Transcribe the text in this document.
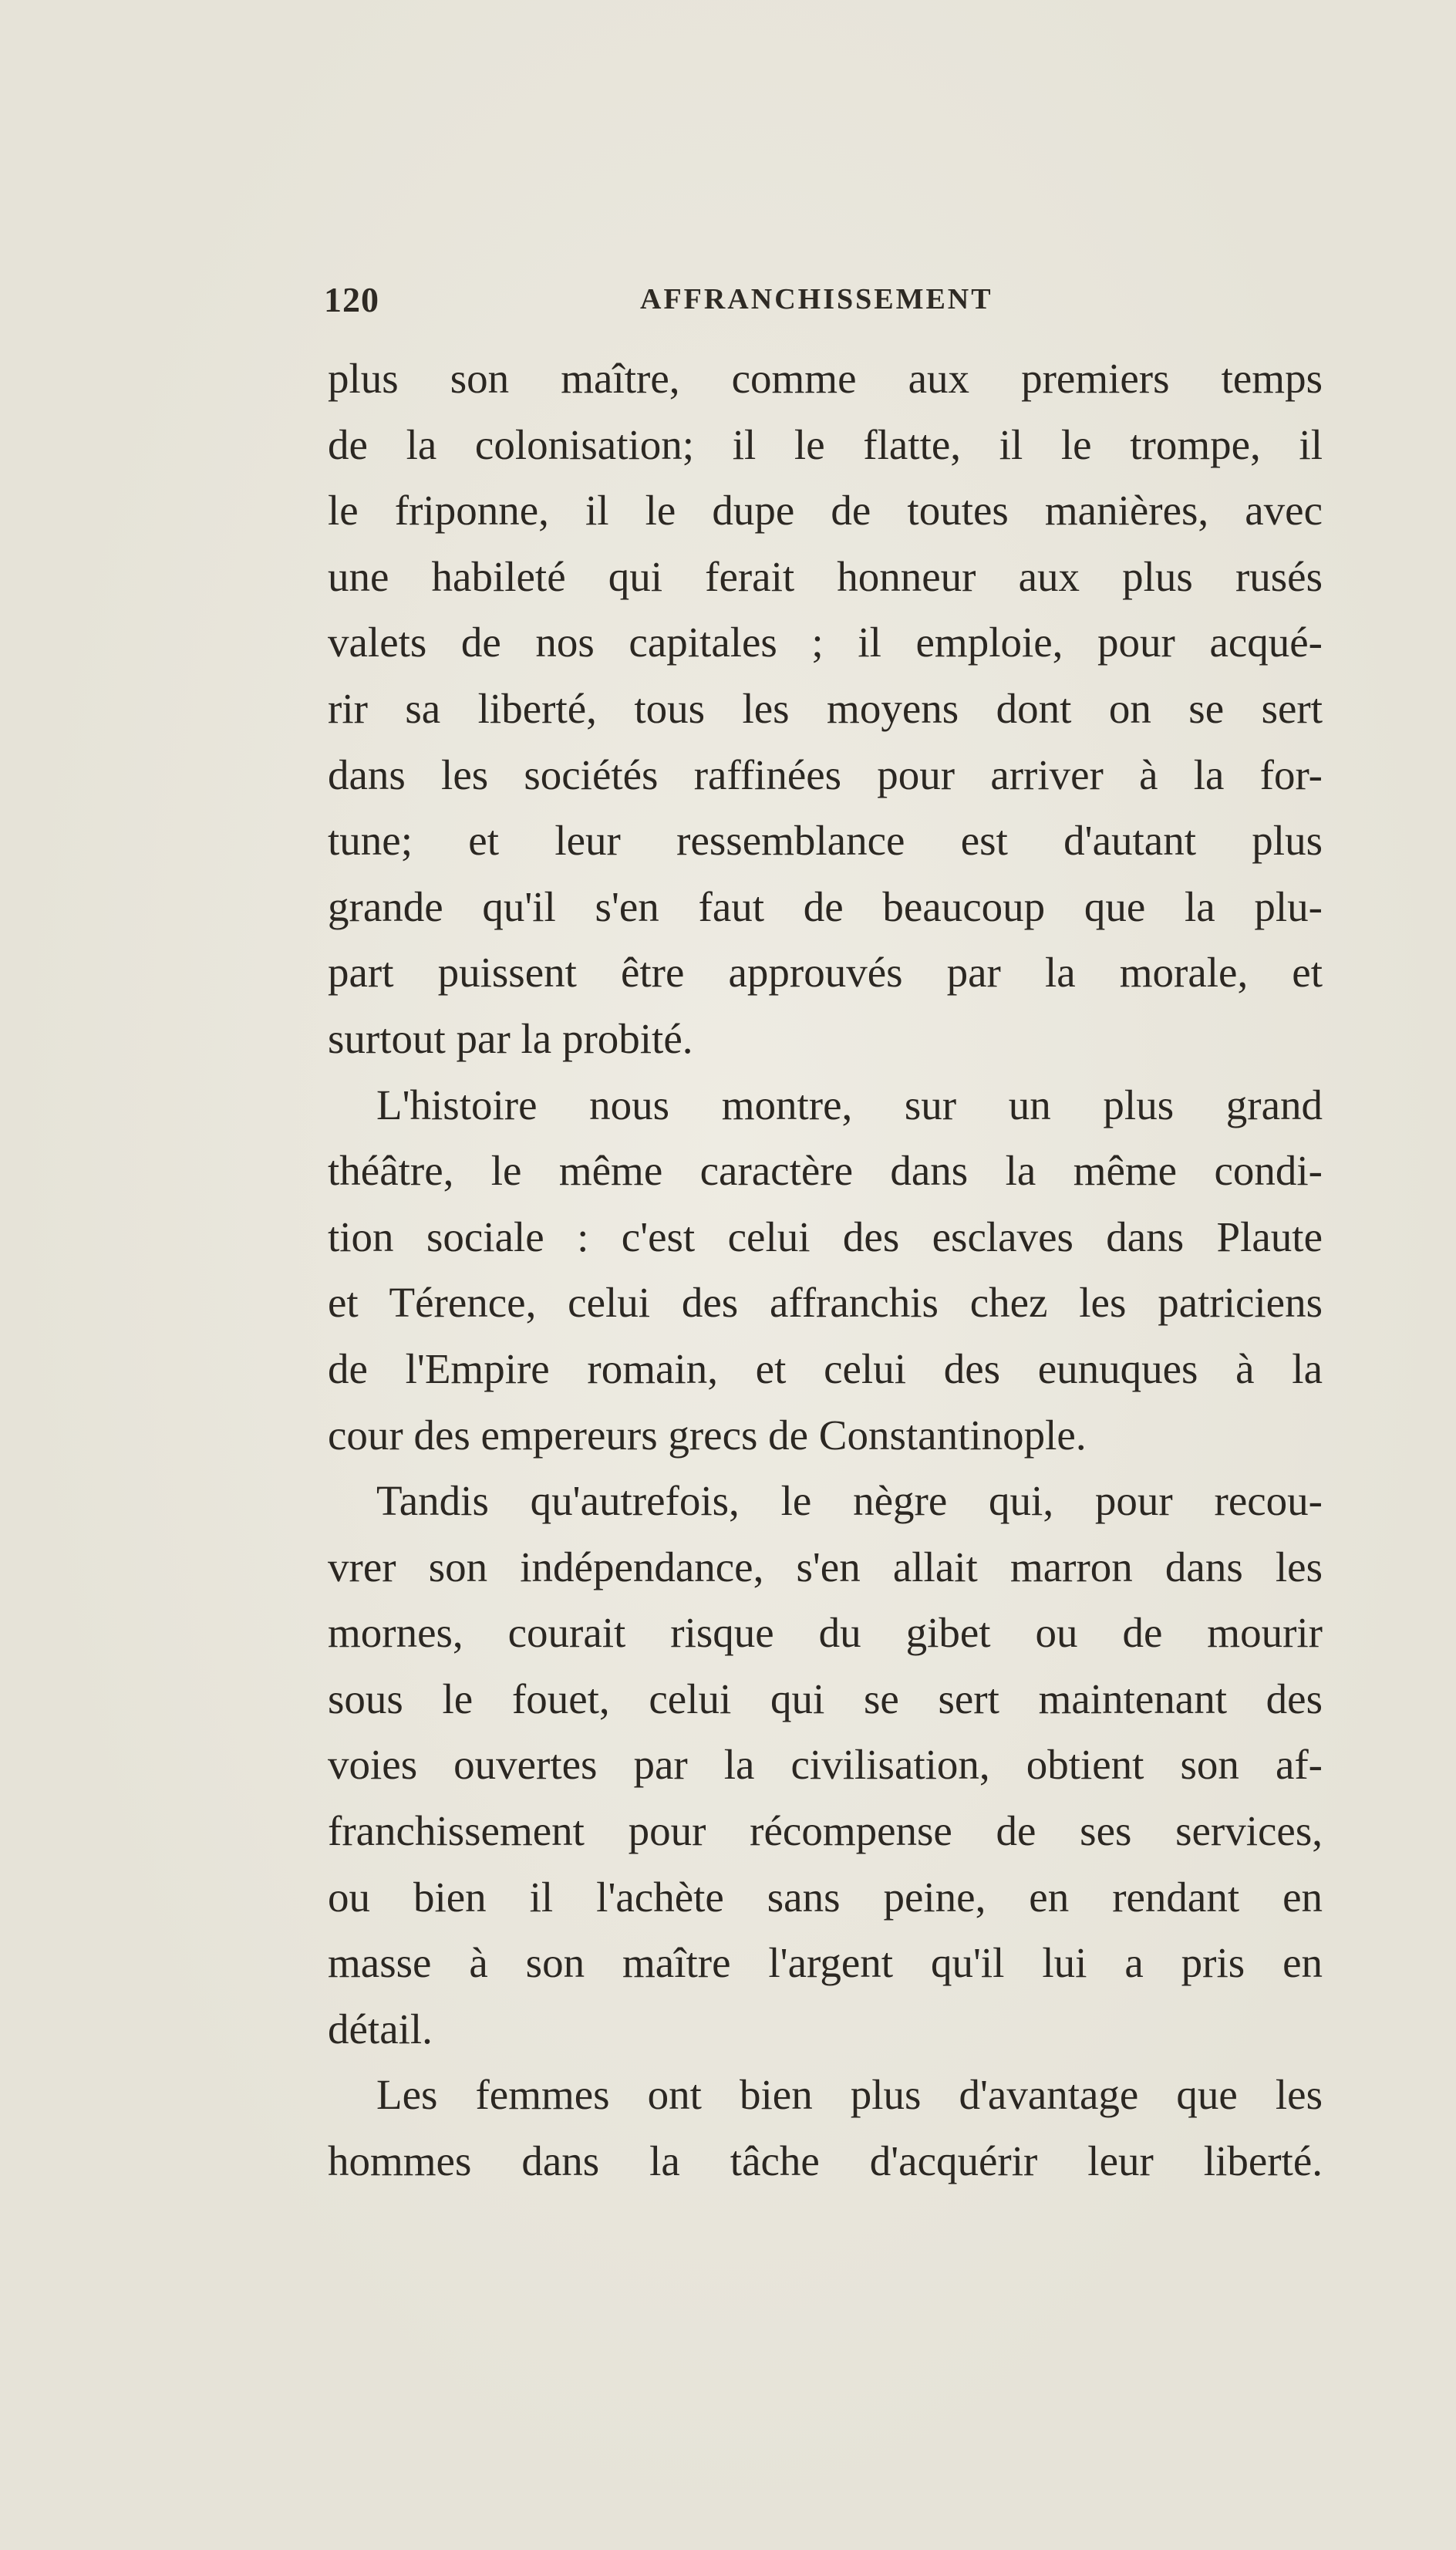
120	AFFRANCHISSEMENT
plus son maître, comme aux premiers temps
de la colonisation; il le flatte, il le trompe, il
le friponne, il le dupe de toutes manières, avec
une habileté qui ferait honneur aux plus rusés
valets de nos capitales ; il emploie, pour acqué-
rir sa liberté, tous les moyens dont on se sert
dans les sociétés raffinées pour arriver à la for-
tune; et leur ressemblance est d'autant plus
grande qu'il s'en faut de beaucoup que la plu-
part puissent être approuvés par la morale, et
surtout par la probité.
L'histoire nous montre, sur un plus grand
théâtre, le même caractère dans la même condi-
tion sociale : c'est celui des esclaves dans Plaute
et Térence, celui des affranchis chez les patriciens
de l'Empire romain, et celui des eunuques à la
cour des empereurs grecs de Constantinople.
Tandis qu'autrefois, le nègre qui, pour recou-
vrer son indépendance, s'en allait marron dans les
mornes, courait risque du gibet ou de mourir
sous le fouet, celui qui se sert maintenant des
voies ouvertes par la civilisation, obtient son af-
franchissement pour récompense de ses services,
ou bien il l'achète sans peine, en rendant en
masse à son maître l'argent qu'il lui a pris en
détail.
Les femmes ont bien plus d'avantage que les
hommes dans la tâche d'acquérir leur liberté.
